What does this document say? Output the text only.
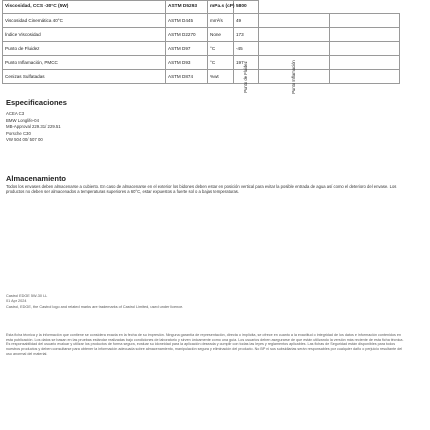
Viscosidad, CCS -30°C (5W)	ASTM D5293	mPa.s (cP)	5800		
Viscosidad Cinemática 40°C	ASTM D445	mm²/s	49		
Índice Viscosidad	ASTM D2270	None	173		
Punto de Fluidez	ASTM D97	°C	-45		
Punto Inflamación, PMCC	ASTM D93	°C	197		
Cenizas Sulfatadas	ASTM D874	%wt	Punto de Fluidez	Punto Inflamación	

Especificaciones
ACEA C3
BMW Longlife-04
MB-Approval 229.31/ 229.51
Porsche C30
VW 504 00/ 507 00
Almacenamiento

Todos los envases deben almacenarse a cubierto. En caso de almacenarse en el exterior los bidones deben estar en posición vertical para evitar la posible entrada de agua así como el deterioro del envase. Los productos no deben ser almacenados a temperaturas superiores a 60°C, estar expuestos a fuerte sol o a bajas temperaturas.

Castrol EDGE 5W-30 LL
01 Apr 2024
Castrol, EDGE, the Castrol logo and related marks are trademarks of Castrol Limited, used under licence.

Esta ficha técnica y la información que contiene se considera exacta en la fecha de su impresión. Ninguna garantía de representación, directa o implícita, se ofrece en cuanto a la exactitud o integridad de los datos e información contenidos en esta publicación. Los datos se basan en las pruebas estándar realizadas bajo condiciones de laboratorio y sirven únicamente como una guía. Los usuarios deben asegurarse de que están utilizando la versión más reciente de esta ficha técnica. Es responsabilidad del usuario evaluar y utilizar los productos de forma segura, evaluar su idoneidad para la aplicación deseada y cumplir con todas las leyes y reglamentos aplicables. Las fichas de Seguridad están disponibles para todos nuestros productos y deben consultarse para obtener la información adecuada sobre almacenamiento, manipulación segura y eliminación del producto. No BP ni sus subsidiarias serán responsables por cualquier daño o perjuicio resultante del uso anormal del material.
